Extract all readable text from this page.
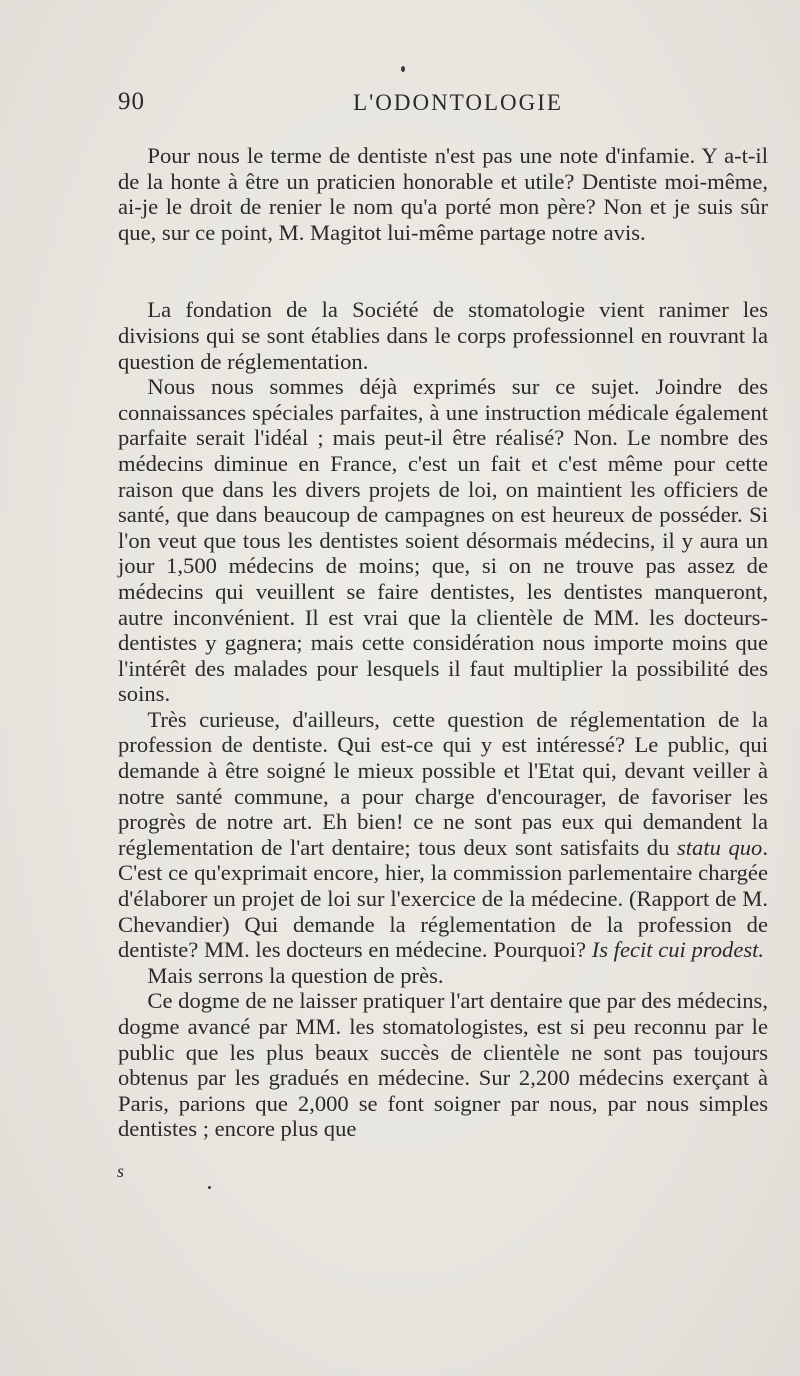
90	L'ODONTOLOGIE

Pour nous le terme de dentiste n'est pas une note d'infamie. Y a-t-il de la honte à être un praticien honorable et utile? Dentiste moi-même, ai-je le droit de renier le nom qu'a porté mon père? Non et je suis sûr que, sur ce point, M. Magitot lui-même partage notre avis.

La fondation de la Société de stomatologie vient ranimer les divisions qui se sont établies dans le corps professionnel en rouvrant la question de réglementation.

Nous nous sommes déjà exprimés sur ce sujet. Joindre des connaissances spéciales parfaites, à une instruction médicale également parfaite serait l'idéal ; mais peut-il être réalisé? Non. Le nombre des médecins diminue en France, c'est un fait et c'est même pour cette raison que dans les divers projets de loi, on maintient les officiers de santé, que dans beaucoup de campagnes on est heureux de posséder. Si l'on veut que tous les dentistes soient désormais médecins, il y aura un jour 1,500 médecins de moins; que, si on ne trouve pas assez de médecins qui veuillent se faire dentistes, les dentistes manqueront, autre inconvénient. Il est vrai que la clientèle de MM. les docteurs-dentistes y gagnera; mais cette considération nous importe moins que l'intérêt des malades pour lesquels il faut multiplier la possibilité des soins.

Très curieuse, d'ailleurs, cette question de réglementation de la profession de dentiste. Qui est-ce qui y est intéressé? Le public, qui demande à être soigné le mieux possible et l'Etat qui, devant veiller à notre santé commune, a pour charge d'encourager, de favoriser les progrès de notre art. Eh bien! ce ne sont pas eux qui demandent la réglementation de l'art dentaire; tous deux sont satisfaits du statu quo. C'est ce qu'exprimait encore, hier, la commission parlementaire chargée d'élaborer un projet de loi sur l'exercice de la médecine. (Rapport de M. Chevandier) Qui demande la réglementation de la profession de dentiste? MM. les docteurs en médecine. Pourquoi? Is fecit cui prodest.

Mais serrons la question de près.

Ce dogme de ne laisser pratiquer l'art dentaire que par des médecins, dogme avancé par MM. les stomatologistes, est si peu reconnu par le public que les plus beaux succès de clientèle ne sont pas toujours obtenus par les gradués en médecine. Sur 2,200 médecins exerçant à Paris, parions que 2,000 se font soigner par nous, par nous simples dentistes ; encore plus que

s
